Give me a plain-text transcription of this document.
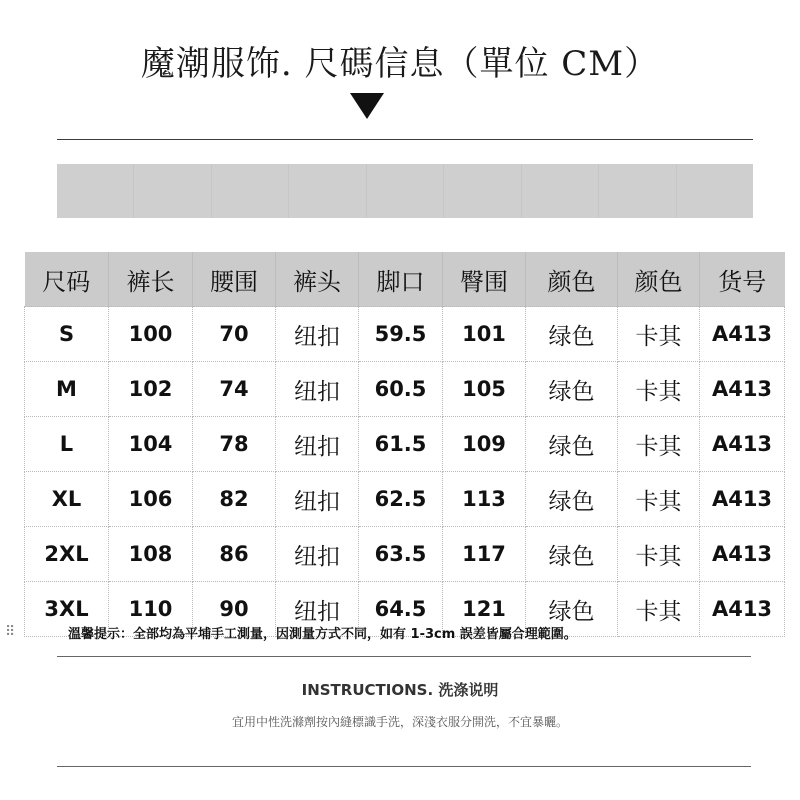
魔潮服饰. 尺碼信息（單位 CM）
尺码	裤长	腰围	裤头	脚口	臀围	颜色	颜色	货号
S	100	70	纽扣	59.5	101	绿色	卡其	A413
M	102	74	纽扣	60.5	105	绿色	卡其	A413
L	104	78	纽扣	61.5	109	绿色	卡其	A413
XL	106	82	纽扣	62.5	113	绿色	卡其	A413
2XL	108	86	纽扣	63.5	117	绿色	卡其	A413
3XL	110	90	纽扣	64.5	121	绿色	卡其	A413
⠿	溫馨提示：全部均為平埔手工測量，因測量方式不同，如有 1-3cm 誤差皆屬合理範圍。
INSTRUCTIONS. 洗涤说明
宜用中性洗滌劑按內縫標識手洗，深淺衣服分開洗，不宜暴曬。
